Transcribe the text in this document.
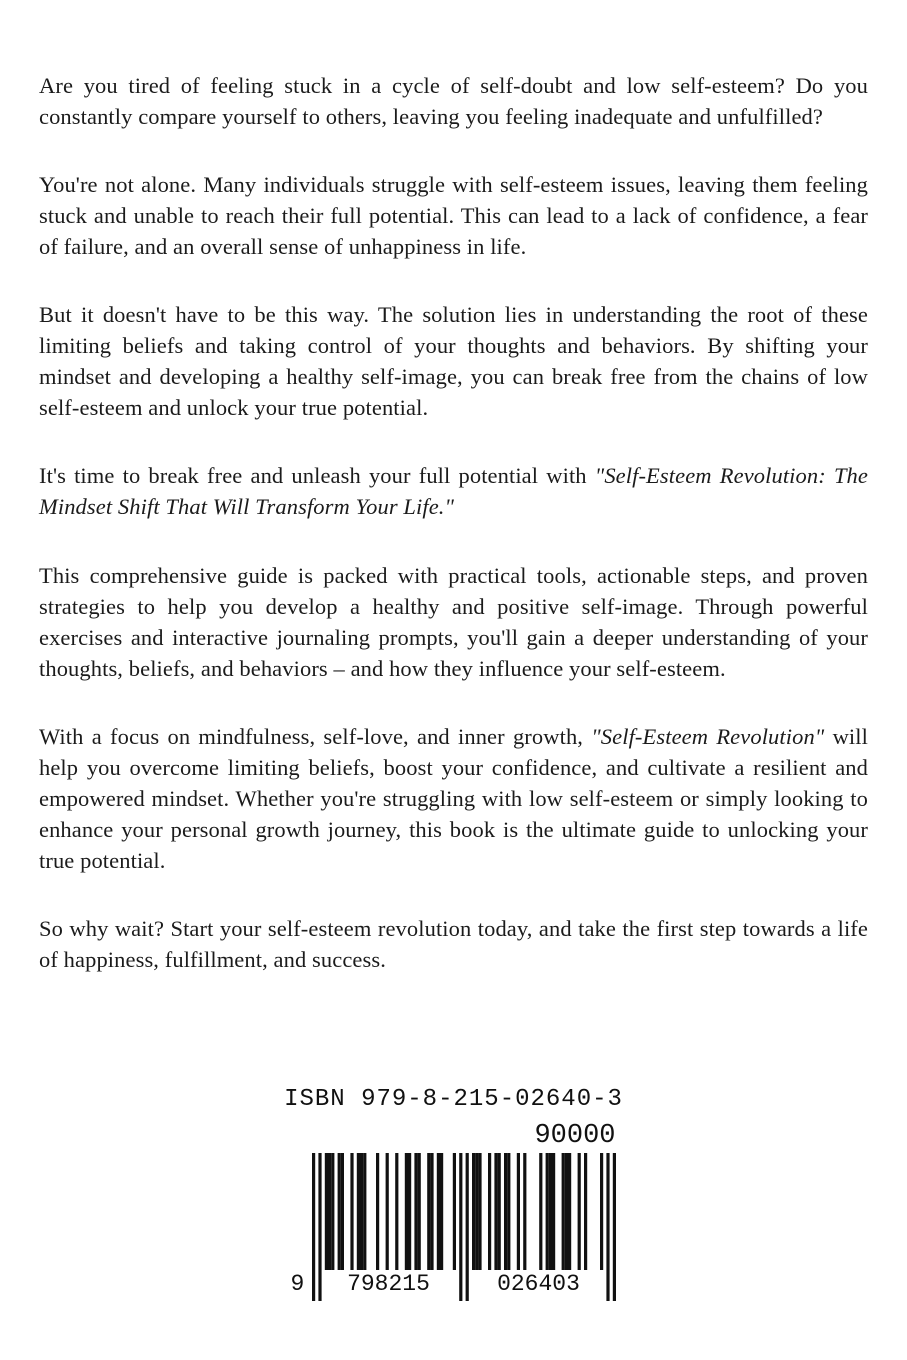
Are you tired of feeling stuck in a cycle of self-doubt and low self-esteem? Do you constantly compare yourself to others, leaving you feeling inadequate and unfulfilled?

You're not alone. Many individuals struggle with self-esteem issues, leaving them feeling stuck and unable to reach their full potential. This can lead to a lack of confidence, a fear of failure, and an overall sense of unhappiness in life.

But it doesn't have to be this way. The solution lies in understanding the root of these limiting beliefs and taking control of your thoughts and behaviors. By shifting your mindset and developing a healthy self-image, you can break free from the chains of low self-esteem and unlock your true potential.

It's time to break free and unleash your full potential with "Self-Esteem Revolution: The Mindset Shift That Will Transform Your Life."

This comprehensive guide is packed with practical tools, actionable steps, and proven strategies to help you develop a healthy and positive self-image. Through powerful exercises and interactive journaling prompts, you'll gain a deeper understanding of your thoughts, beliefs, and behaviors – and how they influence your self-esteem.

With a focus on mindfulness, self-love, and inner growth, "Self-Esteem Revolution" will help you overcome limiting beliefs, boost your confidence, and cultivate a resilient and empowered mindset. Whether you're struggling with low self-esteem or simply looking to enhance your personal growth journey, this book is the ultimate guide to unlocking your true potential.

So why wait? Start your self-esteem revolution today, and take the first step towards a life of happiness, fulfillment, and success.

ISBN 979-8-215-02640-3
90000
9	798215	026403
